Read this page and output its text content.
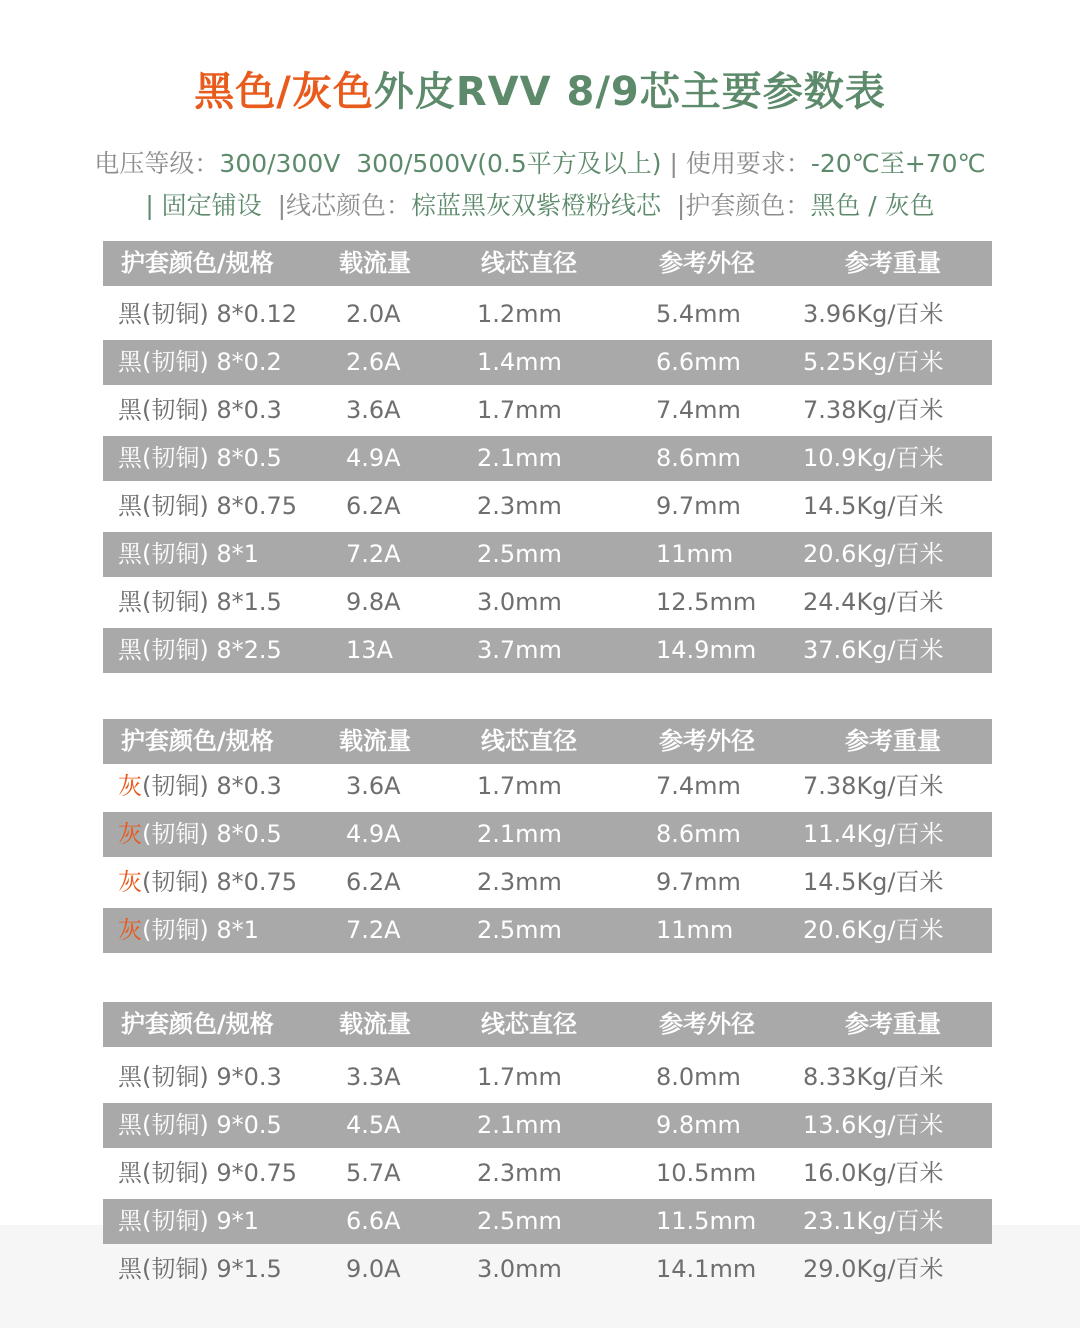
黑色/灰色外皮RVV 8/9芯主要参数表
电压等级：300/300V  300/500V(0.5平方及以上) | 使用要求：-20℃至+70℃
| 固定铺设  |线芯颜色：棕蓝黑灰双紫橙粉线芯  |护套颜色：黑色 / 灰色
护套颜色/规格	载流量	线芯直径	参考外径	参考重量
黑(韧铜) 8*0.12 2.0A	1.2mm	5.4mm	3.96Kg/百米
黑(韧铜) 8*0.2	2.6A	1.4mm	6.6mm	5.25Kg/百米
黑(韧铜) 8*0.3	3.6A	1.7mm	7.4mm	7.38Kg/百米
黑(韧铜) 8*0.5	4.9A	2.1mm	8.6mm	10.9Kg/百米
黑(韧铜) 8*0.75 6.2A	2.3mm	9.7mm	14.5Kg/百米
黑(韧铜) 8*1	7.2A	2.5mm	11mm	20.6Kg/百米
黑(韧铜) 8*1.5	9.8A	3.0mm	12.5mm 24.4Kg/百米
黑(韧铜) 8*2.5	13A	3.7mm	14.9mm 37.6Kg/百米
护套颜色/规格	载流量	线芯直径	参考外径	参考重量
灰(韧铜) 8*0.3	3.6A	1.7mm	7.4mm	7.38Kg/百米
灰(韧铜) 8*0.5	4.9A	2.1mm	8.6mm	11.4Kg/百米
灰(韧铜) 8*0.75 6.2A	2.3mm	9.7mm	14.5Kg/百米
灰(韧铜) 8*1	7.2A	2.5mm	11mm	20.6Kg/百米
护套颜色/规格	载流量	线芯直径	参考外径	参考重量
黑(韧铜) 9*0.3	3.3A	1.7mm	8.0mm	8.33Kg/百米
黑(韧铜) 9*0.5	4.5A	2.1mm	9.8mm	13.6Kg/百米
黑(韧铜) 9*0.75 5.7A	2.3mm	10.5mm 16.0Kg/百米
黑(韧铜) 9*1	6.6A	2.5mm	11.5mm 23.1Kg/百米
黑(韧铜) 9*1.5	9.0A	3.0mm	14.1mm 29.0Kg/百米
